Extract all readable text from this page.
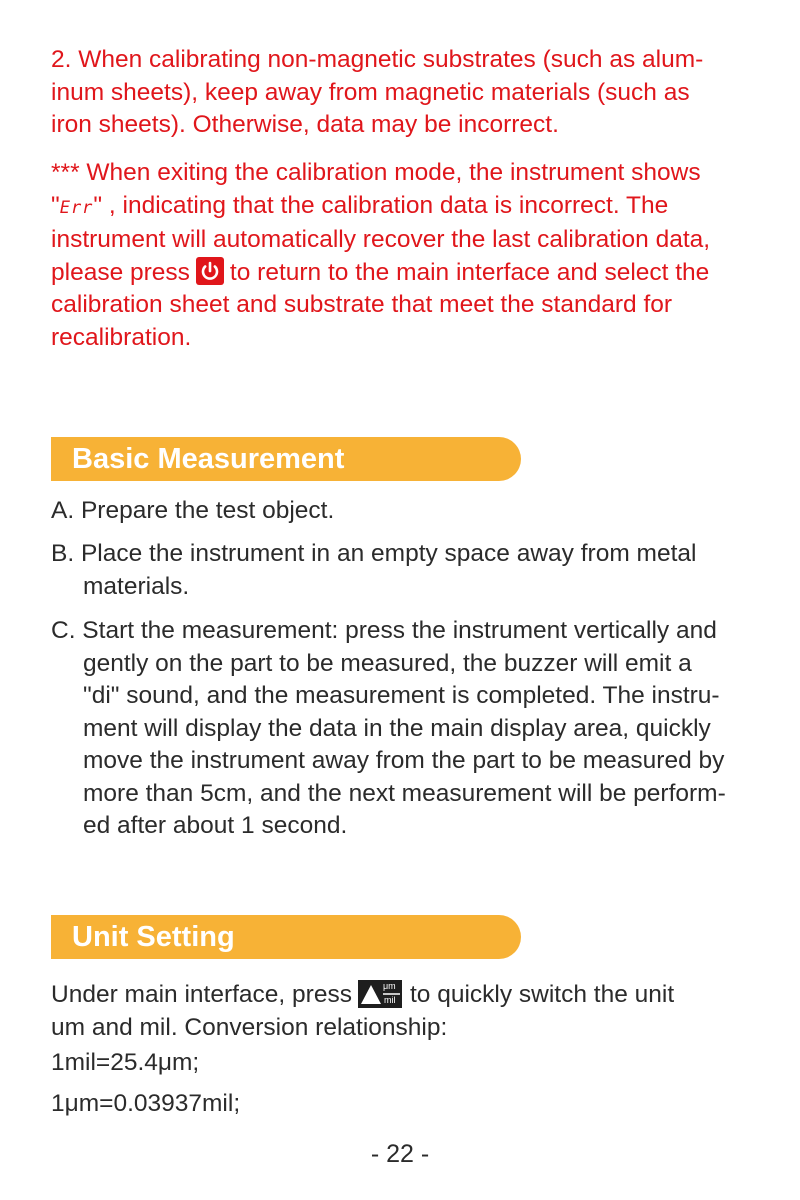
2. When calibrating non-magnetic substrates (such as alum-
inum sheets), keep away from magnetic materials (such as
iron sheets). Otherwise, data may be incorrect.

*** When exiting the calibration mode, the instrument shows
"Err" , indicating that the calibration data is incorrect. The
instrument will automatically recover the last calibration data,
please press to return to the main interface and select the
calibration sheet and substrate that meet the standard for
recalibration.

Basic Measurement

A. Prepare the test object.

B. Place the instrument in an empty space away from metal
materials.

C. Start the measurement: press the instrument vertically and
gently on the part to be measured, the buzzer will emit a
"di" sound, and the measurement is completed. The instru-
ment will display the data in the main display area, quickly
move the instrument away from the part to be measured by
more than 5cm, and the next measurement will be perform-
ed after about 1 second.

Unit Setting

Under main interface, press	μm
mil to quickly switch the unit
um and mil. Conversion relationship:

1mil=25.4μm;

1μm=0.03937mil;

- 22 -
